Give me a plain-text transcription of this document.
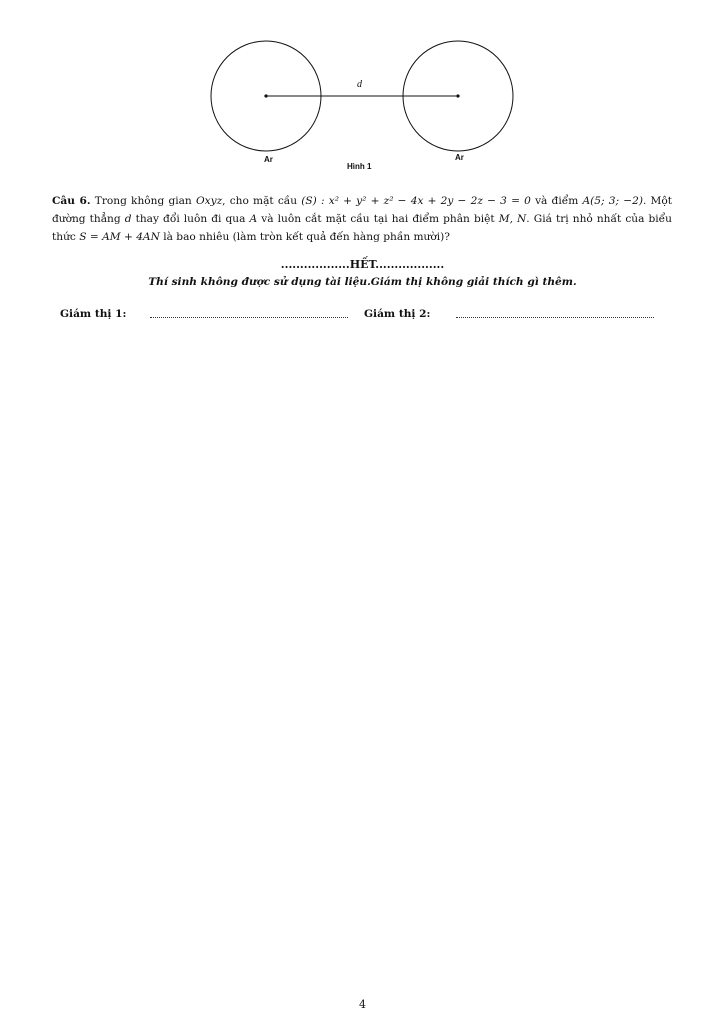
d
Ar	Ar
Hình 1
Câu 6. Trong không gian Oxyz, cho mặt cầu (S) : x² + y² + z² − 4x + 2y − 2z − 3 = 0 và điểm A(5; 3; −2). Một đường thẳng d thay đổi luôn đi qua A và luôn cắt mặt cầu tại hai điểm phân biệt M, N. Giá trị nhỏ nhất của biểu thức S = AM + 4AN là bao nhiêu (làm tròn kết quả đến hàng phần mười)?
..................HẾT..................
Thí sinh không được sử dụng tài liệu.Giám thị không giải thích gì thêm.
Giám thị 1:	Giám thị 2:
4
